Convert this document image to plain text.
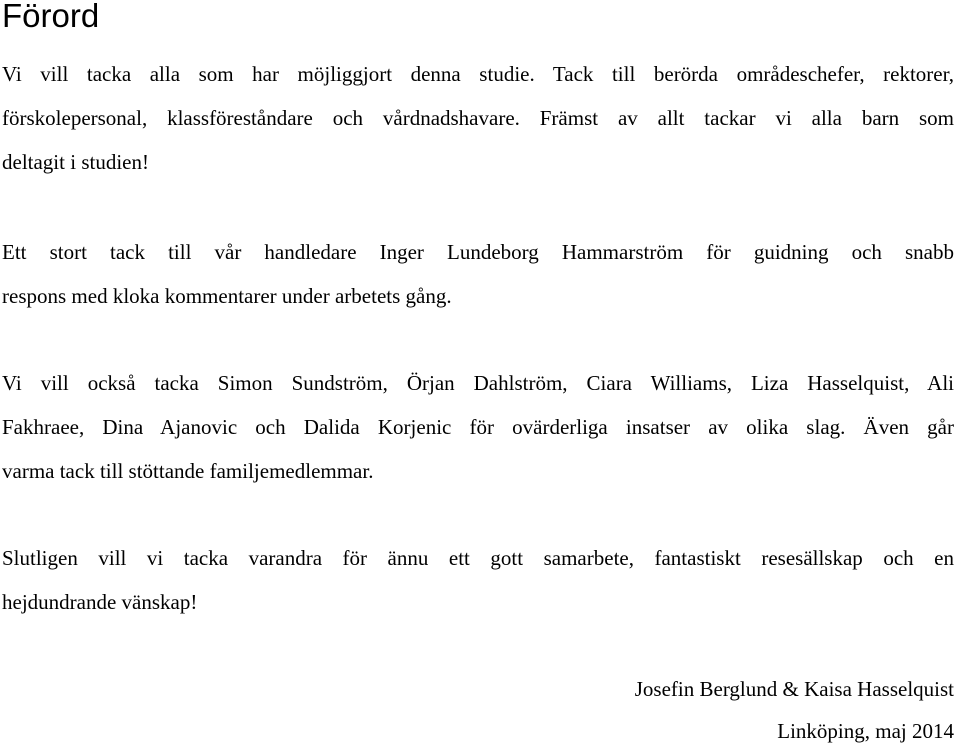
Förord

Vi vill tacka alla som har möjliggjort denna studie. Tack till berörda områdeschefer, rektorer,
förskolepersonal, klassföreståndare och vårdnadshavare. Främst av allt tackar vi alla barn som
deltagit i studien!

Ett stort tack till vår handledare Inger Lundeborg Hammarström för guidning och snabb
respons med kloka kommentarer under arbetets gång.

Vi vill också tacka Simon Sundström, Örjan Dahlström, Ciara Williams, Liza Hasselquist, Ali
Fakhraee, Dina Ajanovic och Dalida Korjenic för ovärderliga insatser av olika slag. Även går
varma tack till stöttande familjemedlemmar.

Slutligen vill vi tacka varandra för ännu ett gott samarbete, fantastiskt resesällskap och en
hejdundrande vänskap!

Josefin Berglund & Kaisa Hasselquist

Linköping, maj 2014
